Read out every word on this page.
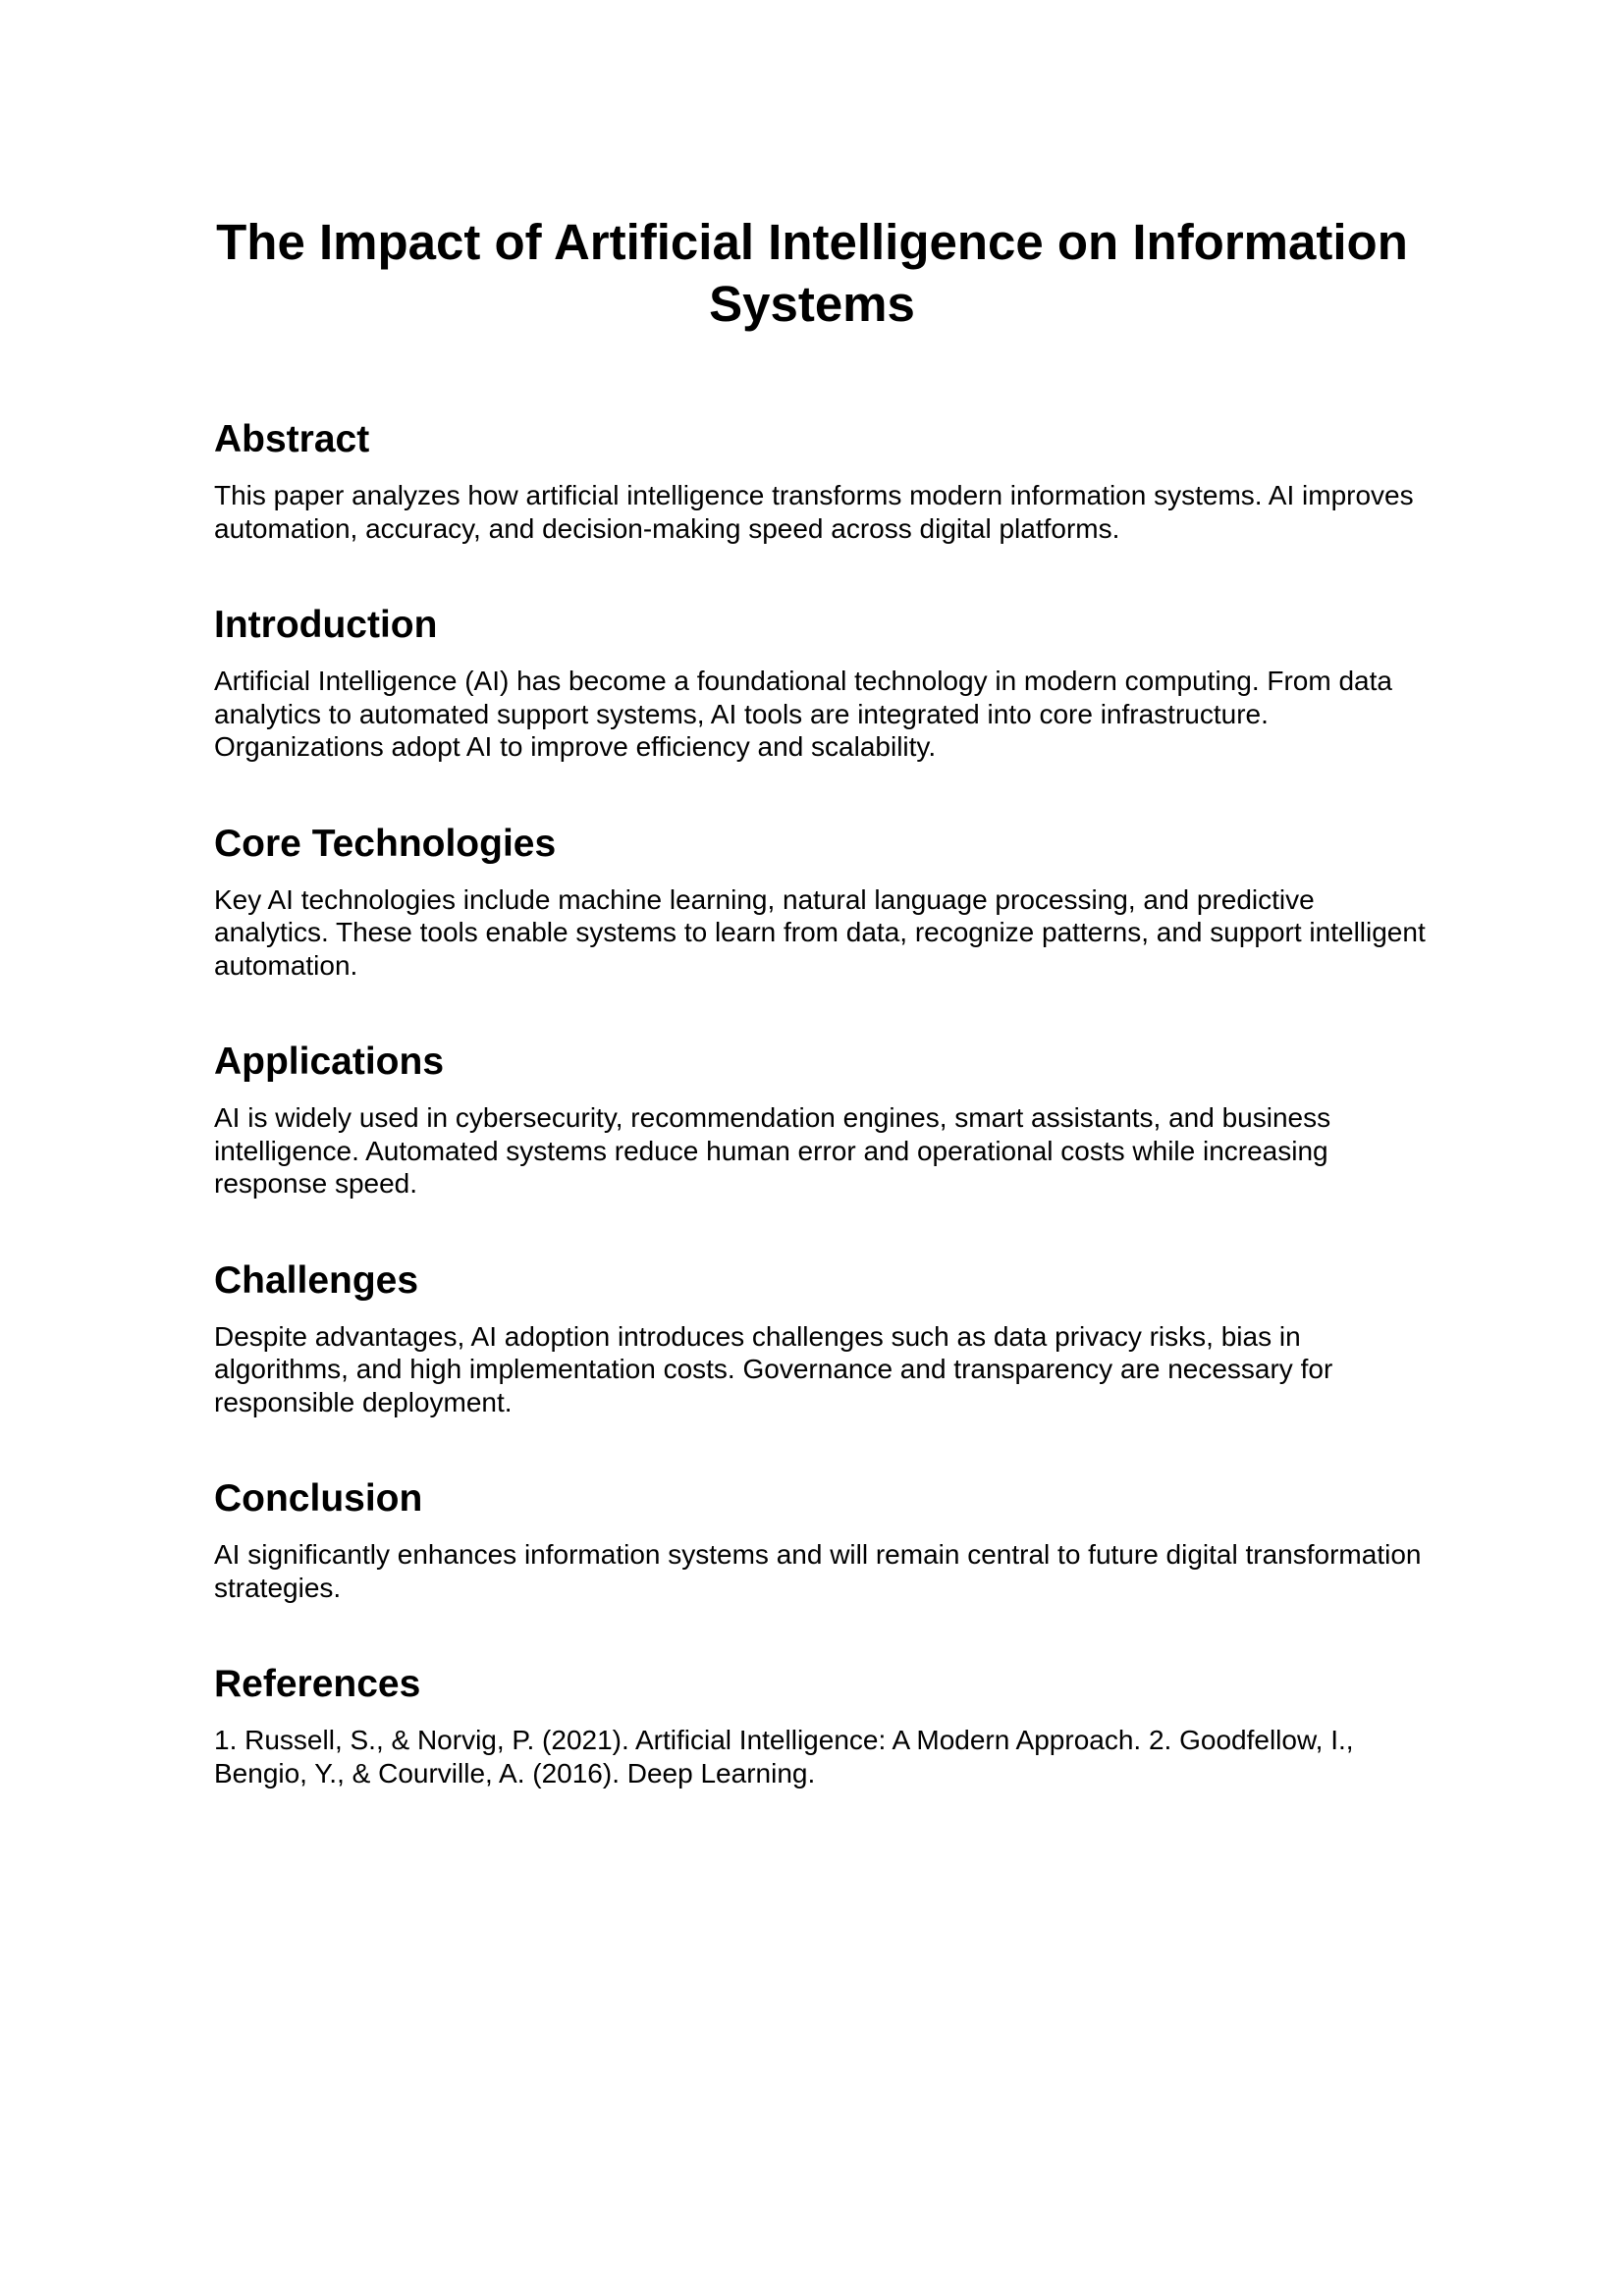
The Impact of Artificial Intelligence on Information Systems
Abstract

This paper analyzes how artificial intelligence transforms modern information systems. AI improves automation, accuracy, and decision-making speed across digital platforms.

Introduction

Artificial Intelligence (AI) has become a foundational technology in modern computing. From data analytics to automated support systems, AI tools are integrated into core infrastructure. Organizations adopt AI to improve efficiency and scalability.

Core Technologies

Key AI technologies include machine learning, natural language processing, and predictive analytics. These tools enable systems to learn from data, recognize patterns, and support intelligent automation.

Applications

AI is widely used in cybersecurity, recommendation engines, smart assistants, and business intelligence. Automated systems reduce human error and operational costs while increasing response speed.

Challenges

Despite advantages, AI adoption introduces challenges such as data privacy risks, bias in algorithms, and high implementation costs. Governance and transparency are necessary for responsible deployment.

Conclusion

AI significantly enhances information systems and will remain central to future digital transformation strategies.

References

1. Russell, S., & Norvig, P. (2021). Artificial Intelligence: A Modern Approach. 2. Goodfellow, I., Bengio, Y., & Courville, A. (2016). Deep Learning.
